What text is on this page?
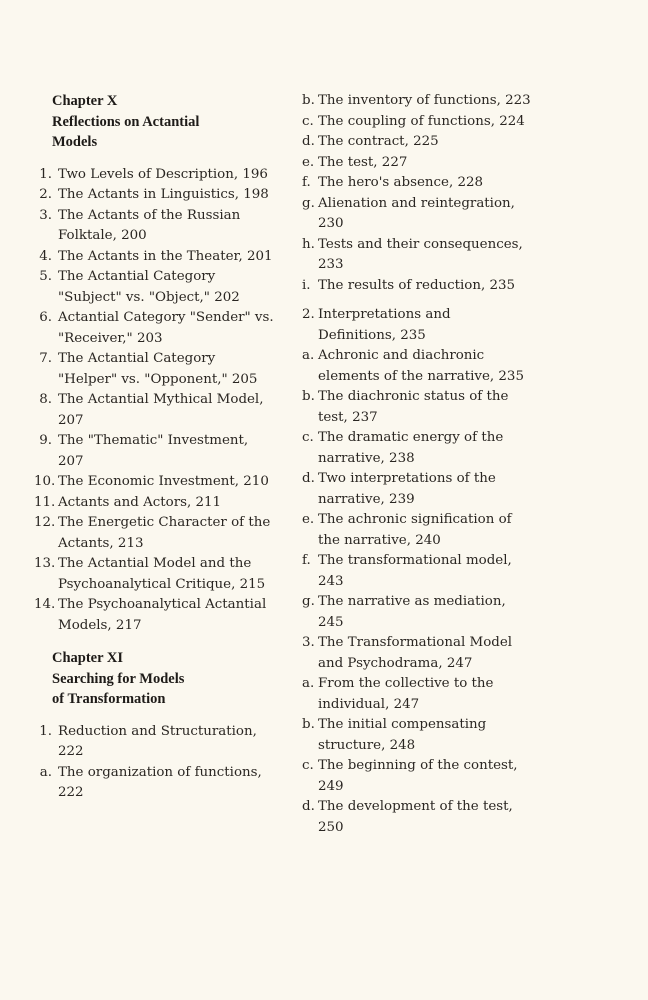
Chapter X
Reflections on Actantial
Models
1. Two Levels of Description, 196
2. The Actants in Linguistics, 198
3. The Actants of the Russian Folktale, 200
4. The Actants in the Theater, 201
5. The Actantial Category "Subject" vs. "Object," 202
6. Actantial Category "Sender" vs. "Receiver," 203
7. The Actantial Category "Helper" vs. "Opponent," 205
8. The Actantial Mythical Model, 207
9. The "Thematic" Investment, 207
10. The Economic Investment, 210
11. Actants and Actors, 211
12. The Energetic Character of the Actants, 213
13. The Actantial Model and the Psychoanalytical Critique, 215
14. The Psychoanalytical Actantial Models, 217
Chapter XI
Searching for Models
of Transformation
1. Reduction and Structuration, 222
a. The organization of functions, 222
b. The inventory of functions, 223
c. The coupling of functions, 224
d. The contract, 225
e. The test, 227
f. The hero's absence, 228
g. Alienation and reintegration, 230
h. Tests and their consequences, 233
i. The results of reduction, 235
2. Interpretations and Definitions, 235
a. Achronic and diachronic elements of the narrative, 235
b. The diachronic status of the test, 237
c. The dramatic energy of the narrative, 238
d. Two interpretations of the narrative, 239
e. The achronic signification of the narrative, 240
f. The transformational model, 243
g. The narrative as mediation, 245
3. The Transformational Model and Psychodrama, 247
a. From the collective to the individual, 247
b. The initial compensating structure, 248
c. The beginning of the contest, 249
d. The development of the test, 250
